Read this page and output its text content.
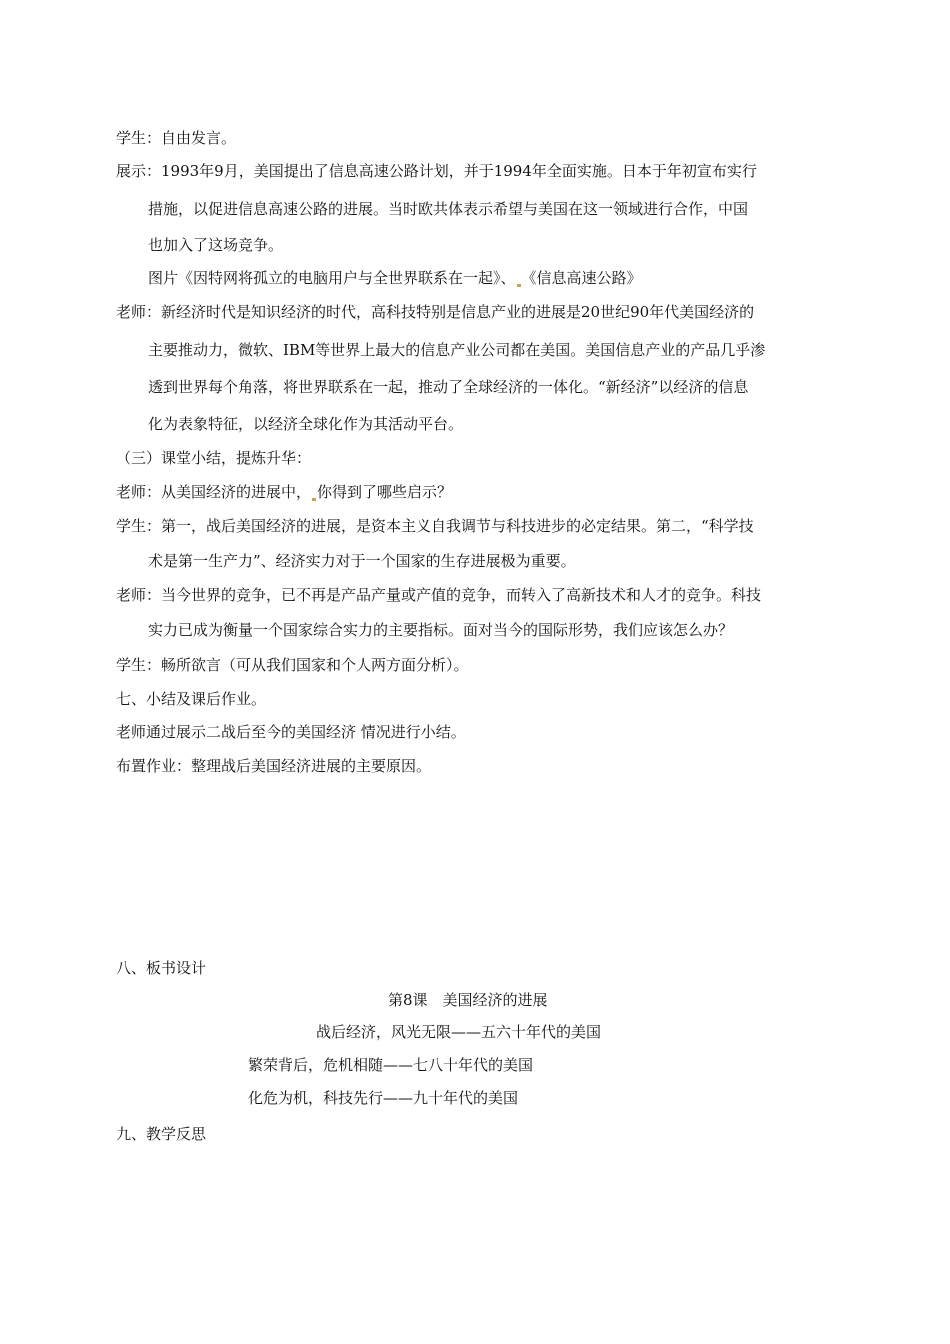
学生：自由发言。
展示：1993年9月，美国提出了信息高速公路计划，并于1994年全面实施。日本于年初宣布实行
措施，以促进信息高速公路的进展。当时欧共体表示希望与美国在这一领域进行合作，中国
也加入了这场竞争。
图片《因特网将孤立的电脑用户与全世界联系在一起》、 《信息高速公路》
老师：新经济时代是知识经济的时代，高科技特别是信息产业的进展是20世纪90年代美国经济的
主要推动力，微软、IBM等世界上最大的信息产业公司都在美国。美国信息产业的产品几乎渗
透到世界每个角落，将世界联系在一起，推动了全球经济的一体化。“新经济”以经济的信息
化为表象特征，以经济全球化作为其活动平台。
（三）课堂小结，提炼升华：
老师：从美国经济的进展中， 你得到了哪些启示？
学生：第一，战后美国经济的进展，是资本主义自我调节与科技进步的必定结果。第二，“科学技
术是第一生产力”、经济实力对于一个国家的生存进展极为重要。
老师：当今世界的竞争，已不再是产品产量或产值的竞争，而转入了高新技术和人才的竞争。科技
实力已成为衡量一个国家综合实力的主要指标。面对当今的国际形势，我们应该怎么办？
学生：畅所欲言（可从我们国家和个人两方面分析）。
七、小结及课后作业。
老师通过展示二战后至今的美国经济 情况进行小结。
布置作业：整理战后美国经济进展的主要原因。
八、板书设计
第8课　美国经济的进展
战后经济，风光无限——五六十年代的美国
繁荣背后，危机相随——七八十年代的美国
化危为机，科技先行——九十年代的美国
九、教学反思
